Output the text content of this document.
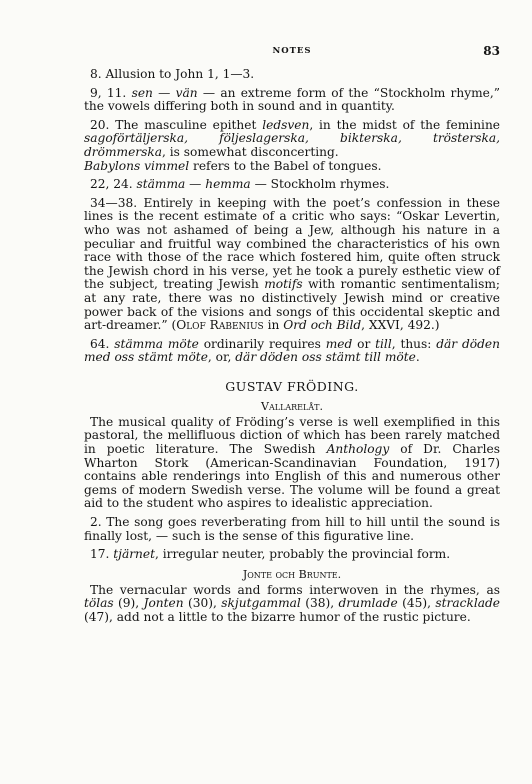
NOTES	83

8. Allusion to John 1, 1—3.

9, 11. sen — vän — an extreme form of the “Stockholm rhyme,” the vowels differing both in sound and in quantity.

20. The masculine epithet ledsven, in the midst of the feminine sagoförtäljerska, följeslagerska, bikterska, trösterska, drömmerska, is somewhat disconcerting.
Babylons vimmel refers to the Babel of tongues.

22, 24. stämma — hemma — Stockholm rhymes.

34—38. Entirely in keeping with the poet’s confession in these lines is the recent estimate of a critic who says: “Oskar Levertin, who was not ashamed of being a Jew, although his nature in a peculiar and fruitful way combined the characteristics of his own race with those of the race which fostered him, quite often struck the Jewish chord in his verse, yet he took a purely esthetic view of the subject, treating Jewish motifs with romantic sentimentalism; at any rate, there was no distinctively Jewish mind or creative power back of the visions and songs of this occidental skeptic and art-dreamer.” (Olof Rabenius in Ord och Bild, XXVI, 492.)

64. stämma möte ordinarily requires med or till, thus: där döden med oss stämt möte, or, där döden oss stämt till möte.

GUSTAV FRÖDING.
Vallarelåt.

The musical quality of Fröding’s verse is well exemplified in this pastoral, the mellifluous diction of which has been rarely matched in poetic literature. The Swedish Anthology of Dr. Charles Wharton Stork (American-Scandinavian Foundation, 1917) contains able renderings into English of this and numerous other gems of modern Swedish verse. The volume will be found a great aid to the student who aspires to idealistic appreciation.

2. The song goes reverberating from hill to hill until the sound is finally lost, — such is the sense of this figurative line.

17. tjärnet, irregular neuter, probably the provincial form.

Jonte och Brunte.

The vernacular words and forms interwoven in the rhymes, as tölas (9), Jonten (30), skjutgammal (38), drumlade (45), stracklade (47), add not a little to the bizarre humor of the rustic picture.
